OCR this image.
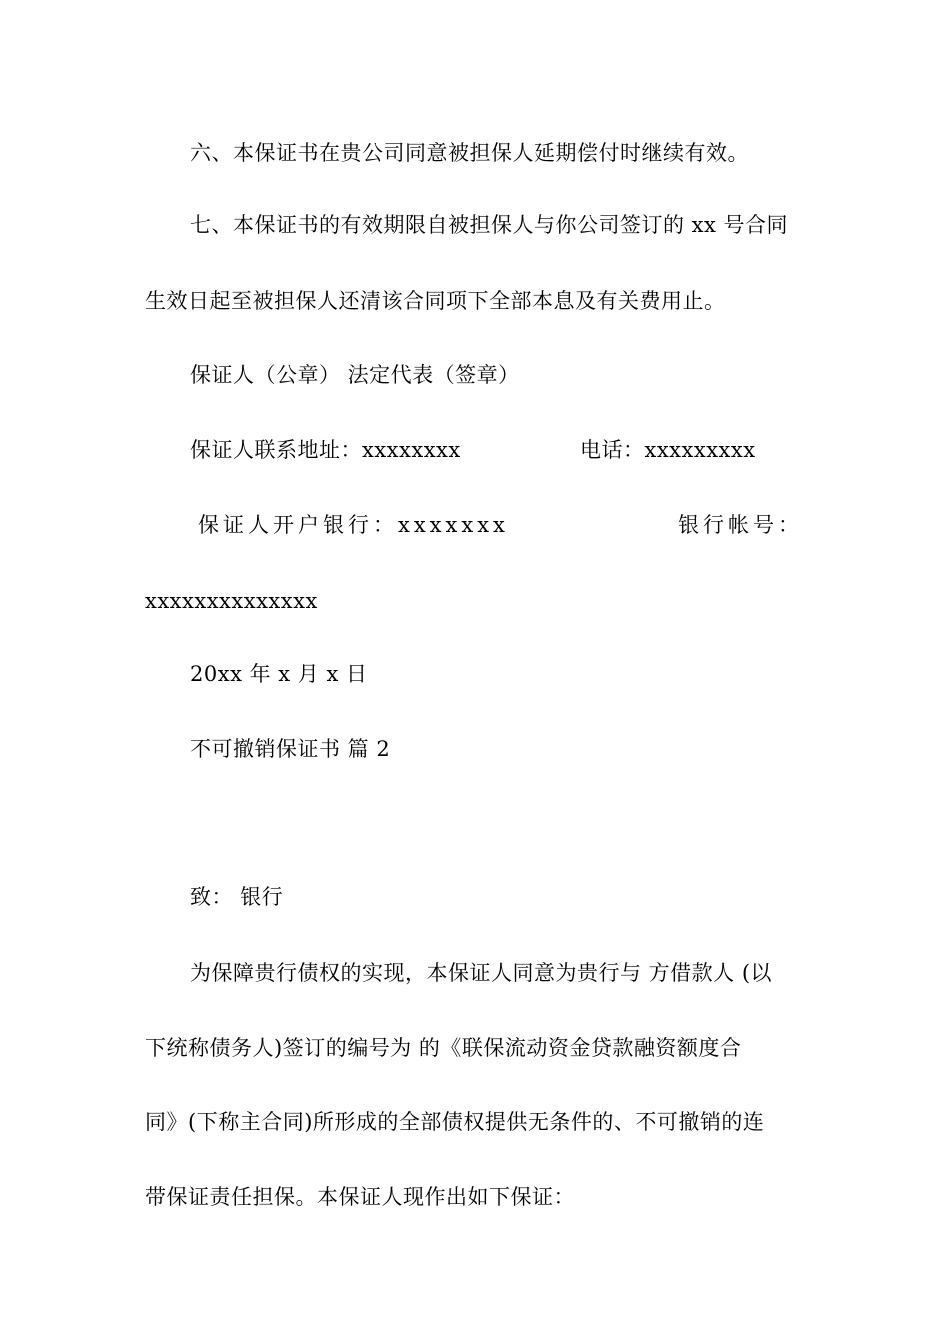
六、本保证书在贵公司同意被担保人延期偿付时继续有效。
七、本保证书的有效期限自被担保人与你公司签订的 xx 号合同
生效日起至被担保人还清该合同项下全部本息及有关费用止。
保证人（公章） 法定代表（签章）
保证人联系地址：xxxxxxxx	电话：xxxxxxxxx
保证人开户银行：xxxxxxx	银行帐号：
xxxxxxxxxxxxxx
20xx 年 x 月 x 日
不可撤销保证书 篇 2
致： 银行
为保障贵行债权的实现，本保证人同意为贵行与 方借款人 (以
下统称债务人)签订的编号为 的《联保流动资金贷款融资额度合
同》(下称主合同)所形成的全部债权提供无条件的、不可撤销的连
带保证责任担保。本保证人现作出如下保证：
